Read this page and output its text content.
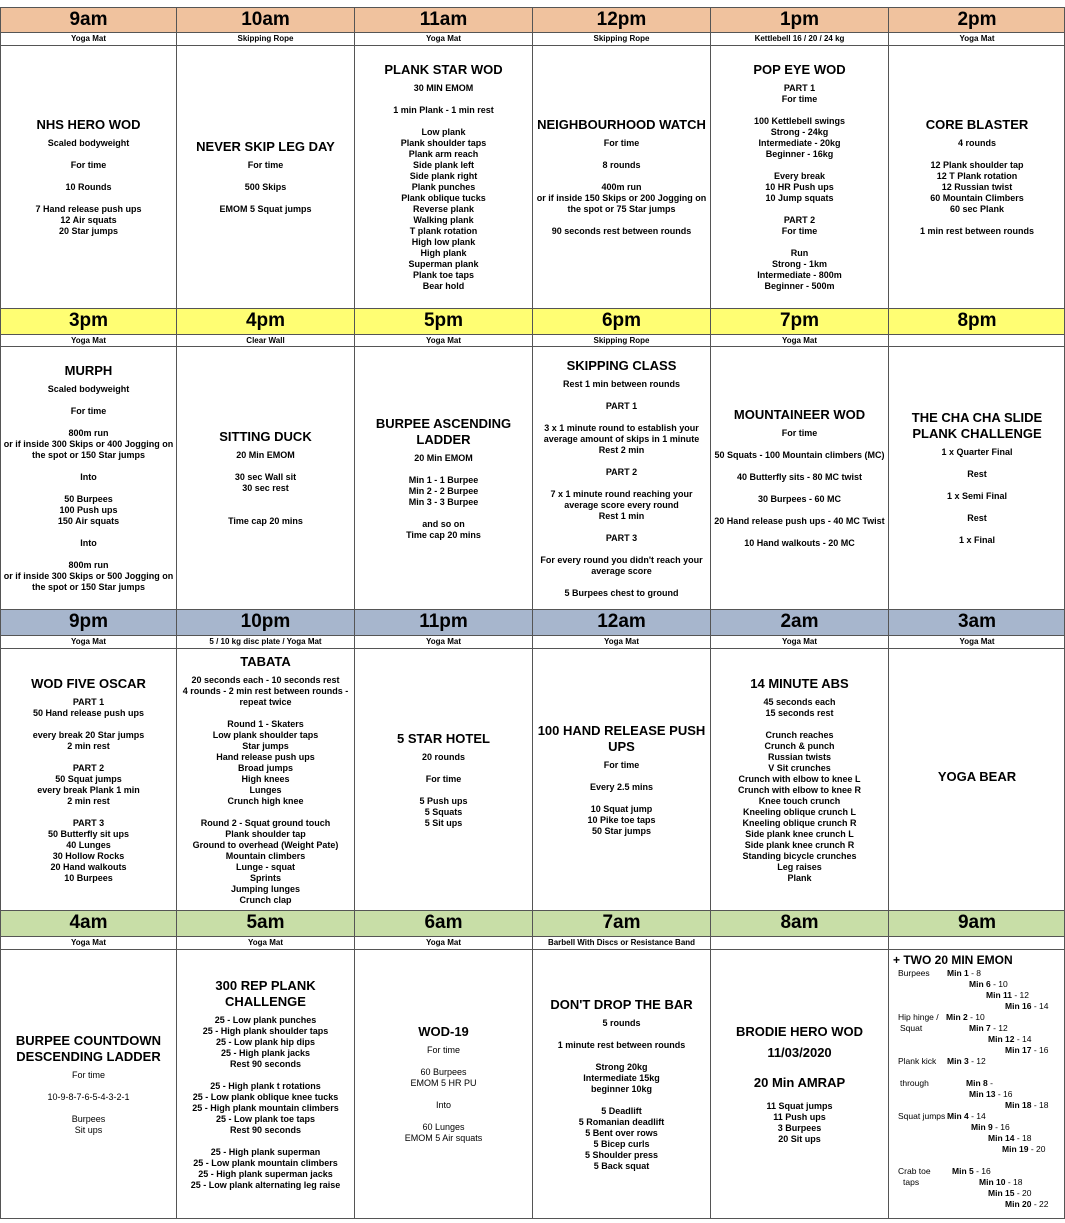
9am
Yoga Mat
NHS HERO WOD
Scaled bodyweight
For time
10 Rounds
7 Hand release push ups
12 Air squats
20 Star jumps
10am
Skipping Rope
NEVER SKIP LEG DAY
For time
500 Skips
EMOM 5 Squat jumps
11am
Yoga Mat
PLANK STAR WOD
30 MIN EMOM
1 min Plank - 1 min rest
Low plank
Plank shoulder taps
Plank arm reach
Side plank left
Side plank right
Plank punches
Plank oblique tucks
Reverse plank
Walking plank
T plank rotation
High low plank
High plank
Superman plank
Plank toe taps
Bear hold
12pm
Skipping Rope
NEIGHBOURHOOD WATCH
For time
8 rounds
400m run
or if inside 150 Skips or 200 Jogging on
the spot or 75 Star jumps
90 seconds rest between rounds
1pm
Kettlebell 16 / 20 / 24 kg
POP EYE WOD
PART 1
For time
100 Kettlebell swings
Strong - 24kg
Intermediate - 20kg
Beginner - 16kg
Every break
10 HR Push ups
10 Jump squats
PART 2
For time
Run
Strong - 1km
Intermediate - 800m
Beginner - 500m
2pm
Yoga Mat
CORE BLASTER
4 rounds
12 Plank shoulder tap
12 T Plank rotation
12 Russian twist
60 Mountain Climbers
60 sec Plank
1 min rest between rounds
3pm
Yoga Mat
MURPH
Scaled bodyweight
For time
800m run
or if inside 300 Skips or 400 Jogging on
the spot or 150 Star jumps
Into
50 Burpees
100 Push ups
150 Air squats
Into
800m run
or if inside 300 Skips or 500 Jogging on
the spot or 150 Star jumps
4pm
Clear Wall
SITTING DUCK
20 Min EMOM
30 sec Wall sit
30 sec rest
Time cap 20 mins
5pm
Yoga Mat
BURPEE ASCENDING LADDER
20 Min EMOM
Min 1 - 1 Burpee
Min 2 - 2 Burpee
Min 3 - 3 Burpee
and so on
Time cap 20 mins
6pm
Skipping Rope
SKIPPING CLASS
Rest 1 min between rounds
PART 1
3 x 1 minute round to establish your
average amount of skips in 1 minute
Rest 2 min
PART 2
7 x 1 minute round reaching your
average score every round
Rest 1 min
PART 3
For every round you didn't reach your
average score
5 Burpees chest to ground
7pm
Yoga Mat
MOUNTAINEER WOD
For time
50 Squats - 100 Mountain climbers (MC)
40 Butterfly sits - 80 MC twist
30 Burpees - 60 MC
20 Hand release push ups - 40 MC Twist
10 Hand walkouts - 20 MC
8pm
THE CHA CHA SLIDE PLANK CHALLENGE
1 x Quarter Final
Rest
1 x Semi Final
Rest
1 x Final
9pm
Yoga Mat
WOD FIVE OSCAR
PART 1
50 Hand release push ups
every break 20 Star jumps
2 min rest
PART 2
50 Squat jumps
every break Plank 1 min
2 min rest
PART 3
50 Butterfly sit ups
40 Lunges
30 Hollow Rocks
20 Hand walkouts
10 Burpees
10pm
5 / 10 kg disc plate / Yoga Mat
TABATA
20 seconds each - 10 seconds rest
4 rounds - 2 min rest between rounds -
repeat twice
Round 1 - Skaters
Low plank shoulder taps
Star jumps
Hand release push ups
Broad jumps
High knees
Lunges
Crunch high knee
Round 2 - Squat ground touch
Plank shoulder tap
Ground to overhead (Weight Pate)
Mountain climbers
Lunge - squat
Sprints
Jumping lunges
Crunch clap
11pm
Yoga Mat
5 STAR HOTEL
20 rounds
For time
5 Push ups
5 Squats
5 Sit ups
12am
Yoga Mat
100 HAND RELEASE PUSH UPS
For time
Every 2.5 mins
10 Squat jump
10 Pike toe taps
50 Star jumps
2am
Yoga Mat
14 MINUTE ABS
45 seconds each
15 seconds rest
Crunch reaches
Crunch & punch
Russian twists
V Sit crunches
Crunch with elbow to knee L
Crunch with elbow to knee R
Knee touch crunch
Kneeling oblique crunch L
Kneeling oblique crunch R
Side plank knee crunch L
Side plank knee crunch R
Standing bicycle crunches
Leg raises
Plank
3am
Yoga Mat
YOGA BEAR
4am
Yoga Mat
BURPEE COUNTDOWN DESCENDING LADDER
For time
10-9-8-7-6-5-4-3-2-1
Burpees
Sit ups
5am
Yoga Mat
300 REP PLANK CHALLENGE
25 - Low plank punches
25 - High plank shoulder taps
25 - Low plank hip dips
25 - High plank jacks
Rest 90 seconds
25 - High plank t rotations
25 - Low plank oblique knee tucks
25 - High plank mountain climbers
25 - Low plank toe taps
Rest 90 seconds
25 - High plank superman
25 - Low plank mountain climbers
25 - High plank superman jacks
25 - Low plank alternating leg raise
6am
Yoga Mat
WOD-19
For time
60 Burpees
EMOM 5 HR PU
Into
60 Lunges
EMOM 5 Air squats
7am
Barbell With Discs or Resistance Band
DON'T DROP THE BAR
5 rounds
1 minute rest between rounds
Strong 20kg
Intermediate 15kg
beginner 10kg
5 Deadlift
5 Romanian deadlift
5 Bent over rows
5 Bicep curls
5 Shoulder press
5 Back squat
8am
BRODIE HERO WOD
11/03/2020
20 Min AMRAP
11 Squat jumps
11 Push ups
3 Burpees
20 Sit ups
9am
+ TWO 20 MIN EMON
Burpees Min 1 - 8
Min 6 - 10
Min 11 - 12
Min 16 - 14
Hip hinge / Min 2 - 10
Squat	Min 7 - 12
Min 12 - 14
Min 17 - 16
Plank kick Min 3 - 12
through	Min 8 -
Min 13 - 16
Min 18 - 18
Squat jumps Min 4 - 14
Min 9 - 16
Min 14 - 18
Min 19 - 20
Crab toe	Min 5 - 16
taps	Min 10 - 18
Min 15 - 20
Min 20 - 22
